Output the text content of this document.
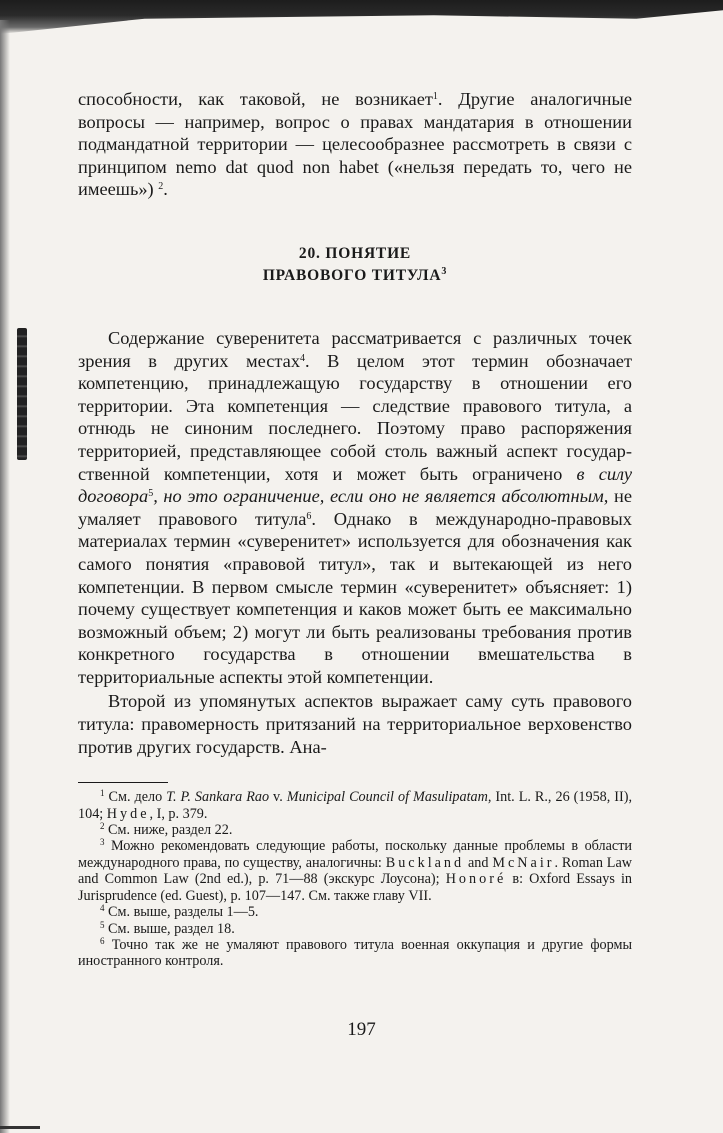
способности, как таковой, не возникает$^1$. Другие аналогичные вопросы — например, вопрос о правах мандатария в отношении подмандатной территории — целесообразнее рассмотреть в связи с принципом nemo dat quod non habet («нельзя передать то, чего не имеешь») $^2$.

20. ПОНЯТИЕ
ПРАВОВОГО ТИТУЛА$^3$

Содержание суверенитета рассматривается с различных точек зрения в других местах$^4$. В целом этот термин обозначает компетенцию, принадлежащую государству в отношении его территории. Эта компетенция — следствие правового титула, а отнюдь не синоним последнего. Поэтому право распоряжения территорией, представляющее собой столь важный аспект государственной компетенции, хотя и может быть ограничено в силу договора$^5$, но это ограничение, если оно не является абсолютным, не умаляет правового титула$^6$. Однако в международно-правовых материалах термин «суверенитет» используется для обозначения как самого понятия «правовой титул», так и вытекающей из него компетенции. В первом смысле термин «суверенитет» объясняет: 1) почему существует компетенция и каков может быть ее максимально возможный объем; 2) могут ли быть реализованы требования против конкретного государства в отношении вмешательства в территориальные аспекты этой компетенции.

Второй из упомянутых аспектов выражает саму суть правового титула: правомерность притязаний на территориальное верховенство против других государств. Ана-

$^1$ См. дело T. P. Sankara Rao v. Municipal Council of Masulipatam, Int. L. R., 26 (1958, II), 104; Hyde, I, p. 379.

$^2$ См. ниже, раздел 22.

$^3$ Можно рекомендовать следующие работы, поскольку данные проблемы в области международного права, по существу, аналогичны: Buckland and McNair. Roman Law and Common Law (2nd ed.), p. 71—88 (экскурс Лоусона); Honoré в: Oxford Essays in Jurisprudence (ed. Guest), p. 107—147. См. также главу VII.

$^4$ См. выше, разделы 1—5.

$^5$ См. выше, раздел 18.

$^6$ Точно так же не умаляют правового титула военная оккупация и другие формы иностранного контроля.

197
